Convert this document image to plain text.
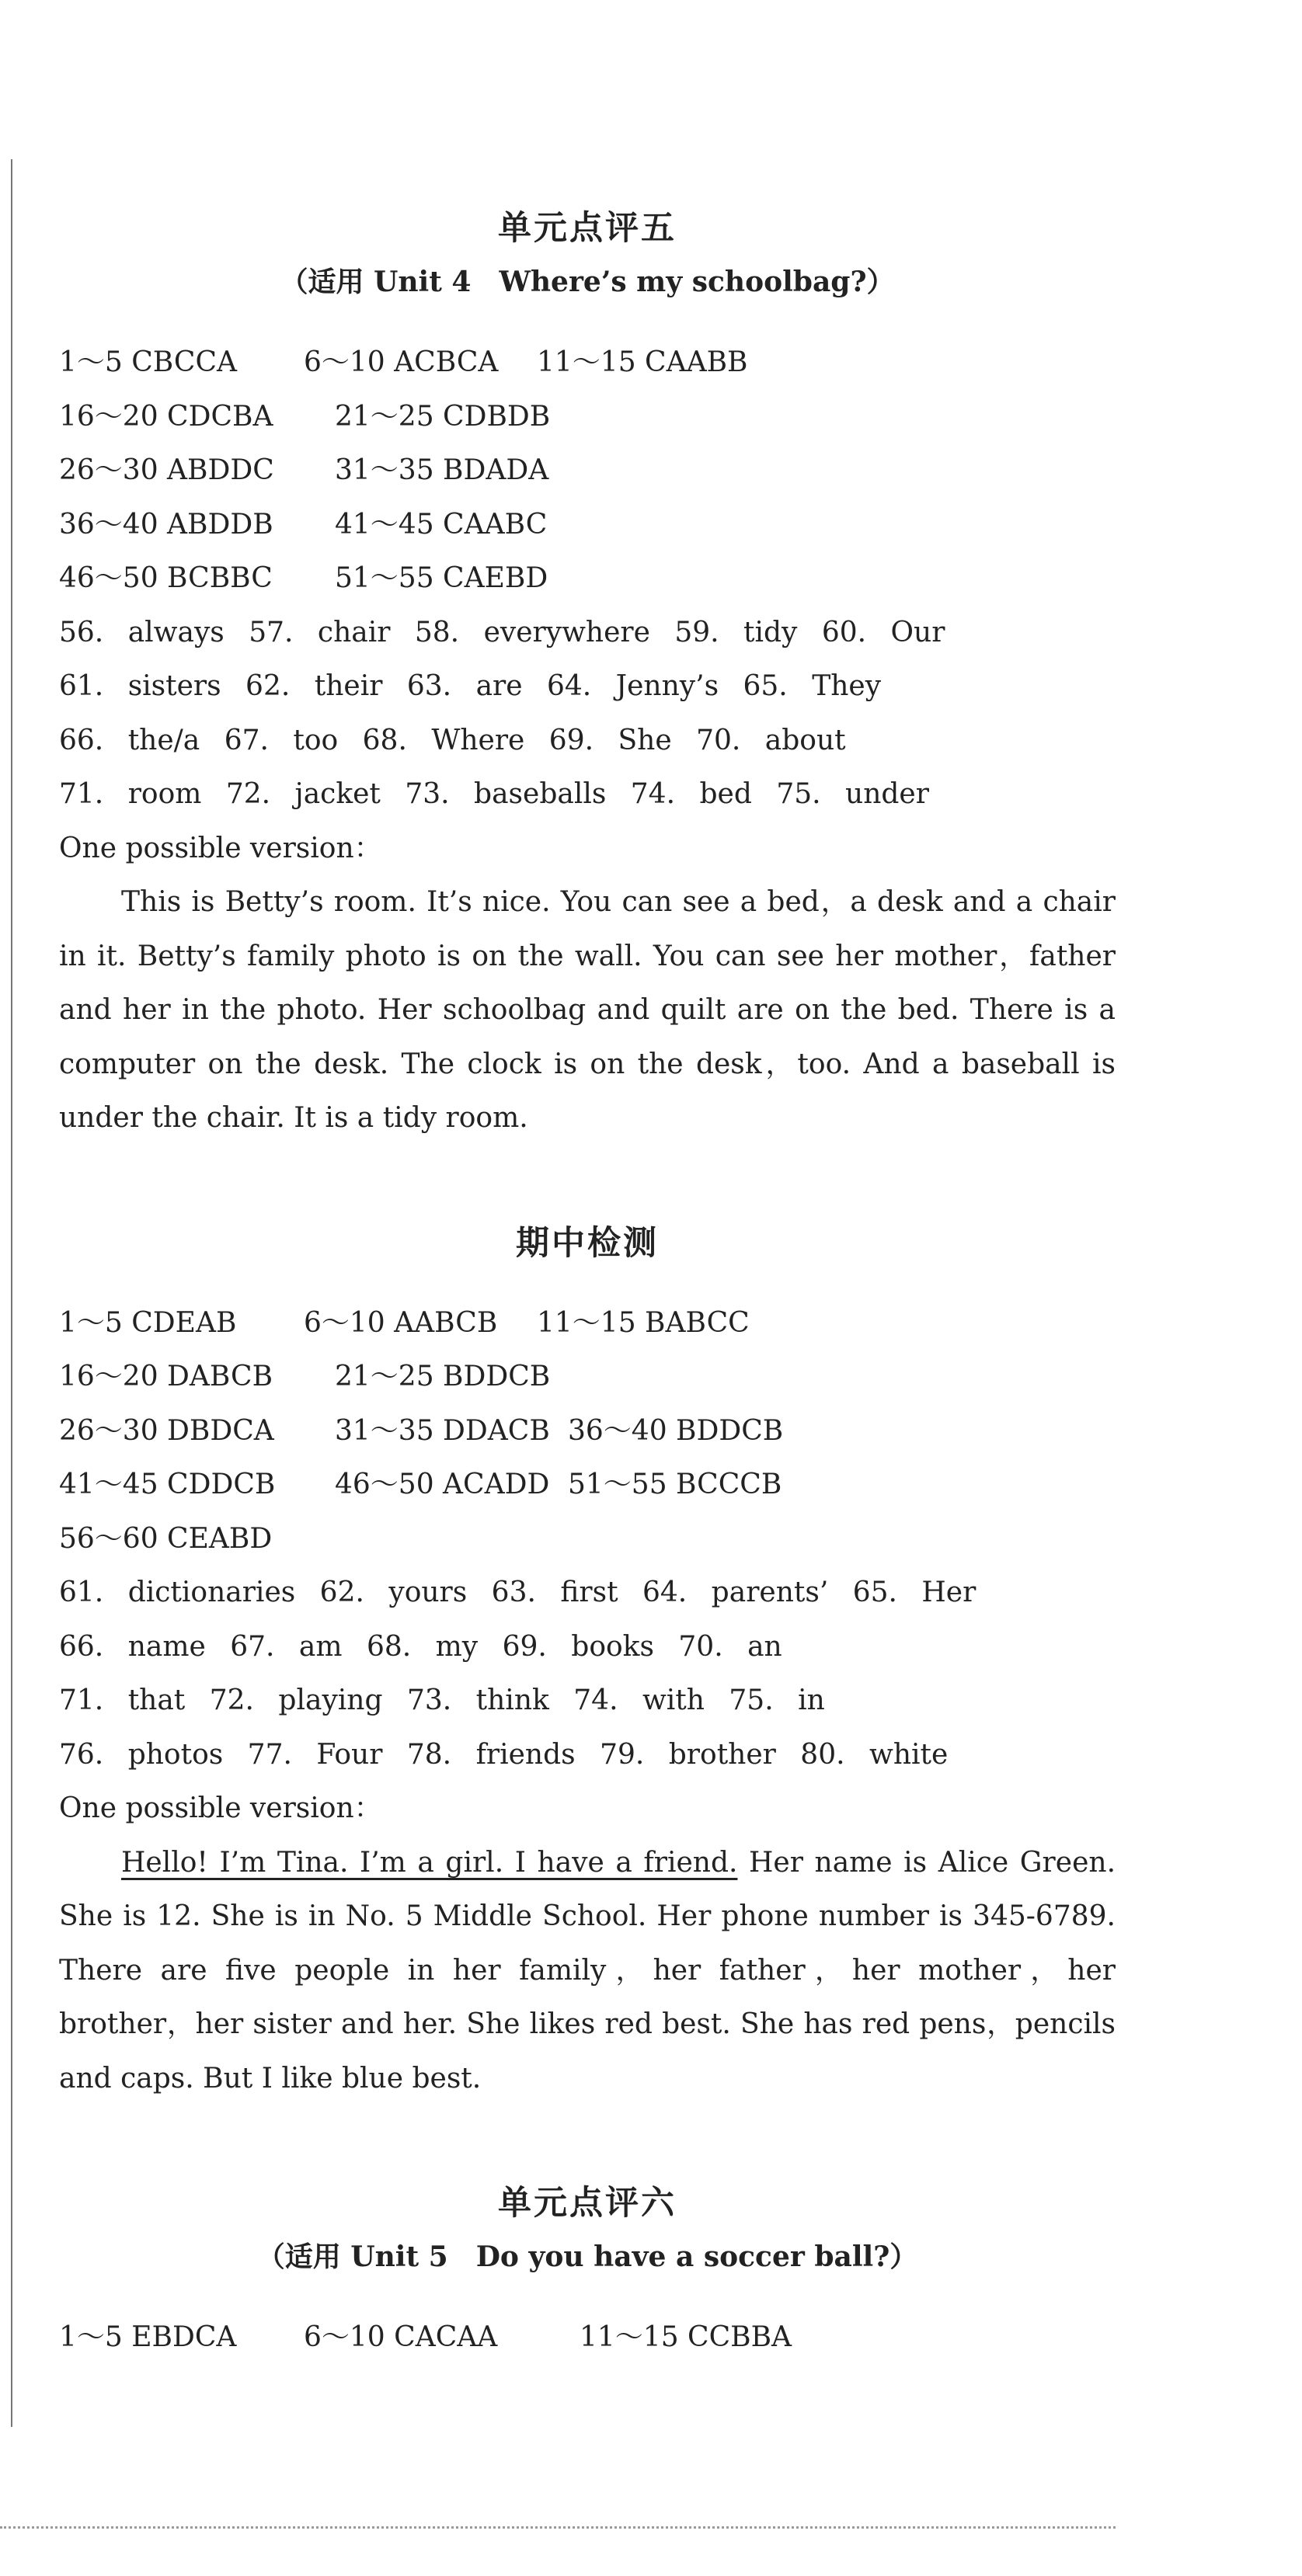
单元点评五
（适用 Unit 4 Where’s my schoolbag?）
1～5 CBCCA 6～10 ACBCA 11～15 CAABB
16～20 CDCBA 21～25 CDBDB
26～30 ABDDC 31～35 BDADA
36～40 ABDDB 41～45 CAABC
46～50 BCBBC 51～55 CAEBD
56. always 57. chair 58. everywhere 59. tidy 60. Our
61. sisters 62. their 63. are 64. Jenny’s 65. They
66. the/a 67. too 68. Where 69. She 70. about
71. room 72. jacket 73. baseballs 74. bed 75. under
One possible version：

This is Betty’s room. It’s nice. You can see a bed，a desk and a chair in it. Betty’s family photo is on the wall. You can see her mother，father and her in the photo. Her schoolbag and quilt are on the bed. There is a computer on the desk. The clock is on the desk，too. And a baseball is under the chair. It is a tidy room.

期中检测
1～5 CDEAB 6～10 AABCB 11～15 BABCC
16～20 DABCB 21～25 BDDCB
26～30 DBDCA 31～35 DDACB 36～40 BDDCB
41～45 CDDCB 46～50 ACADD 51～55 BCCCB
56～60 CEABD
61. dictionaries 62. yours 63. first 64. parents’ 65. Her
66. name 67. am 68. my 69. books 70. an
71. that 72. playing 73. think 74. with 75. in
76. photos 77. Four 78. friends 79. brother 80. white
One possible version：

Hello! I’m Tina. I’m a girl. I have a friend. Her name is Alice Green. She is 12. She is in No. 5 Middle School. Her phone number is 345-6789. There are five people in her family，her father，her mother，her brother，her sister and her. She likes red best. She has red pens，pencils and caps. But I like blue best.

单元点评六
（适用 Unit 5 Do you have a soccer ball?）
1～5 EBDCA 6～10 CACAA	11～15 CCBBA
